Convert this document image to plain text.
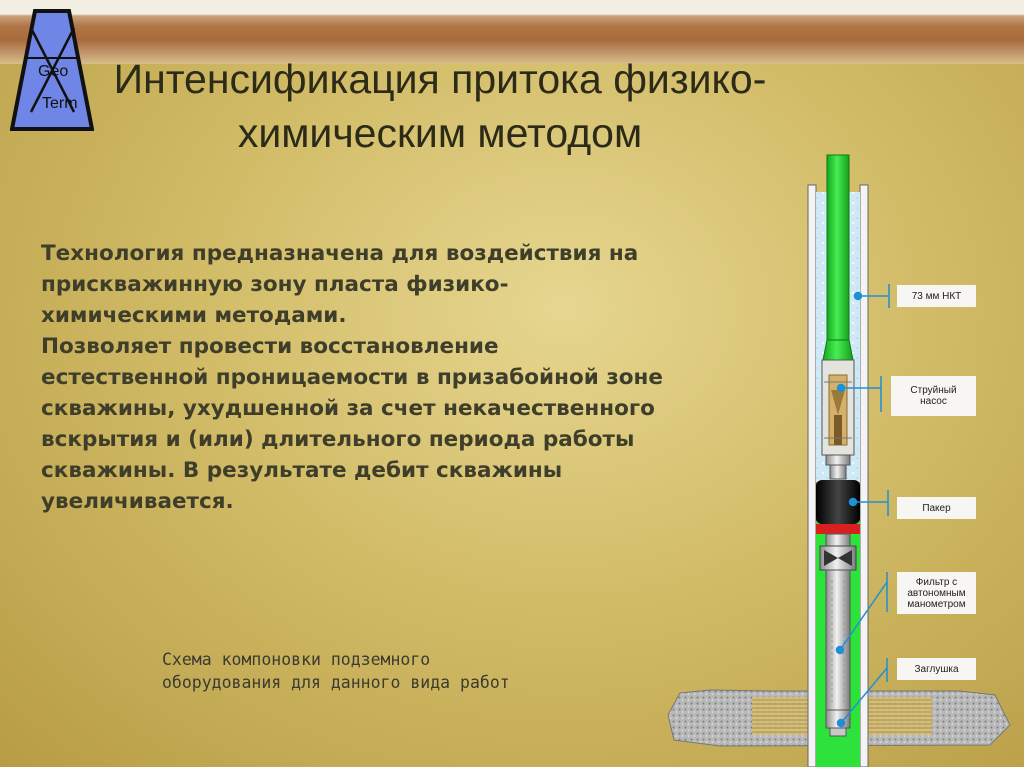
Geo
Term
Интенсификация притока физико-
химическим методом
Технология предназначена для воздействия на
прискважинную зону пласта физико-
химическими методами.
Позволяет провести восстановление
естественной проницаемости в призабойной зоне
скважины, ухудшенной за счет некачественного
вскрытия и (или) длительного периода работы
скважины. В результате дебит скважины
увеличивается.
Схема компоновки подземного
оборудования для данного вида работ
73 мм НКТ
Струйный
насос
Пакер
Фильтр с
автономным
манометром
Заглушка
